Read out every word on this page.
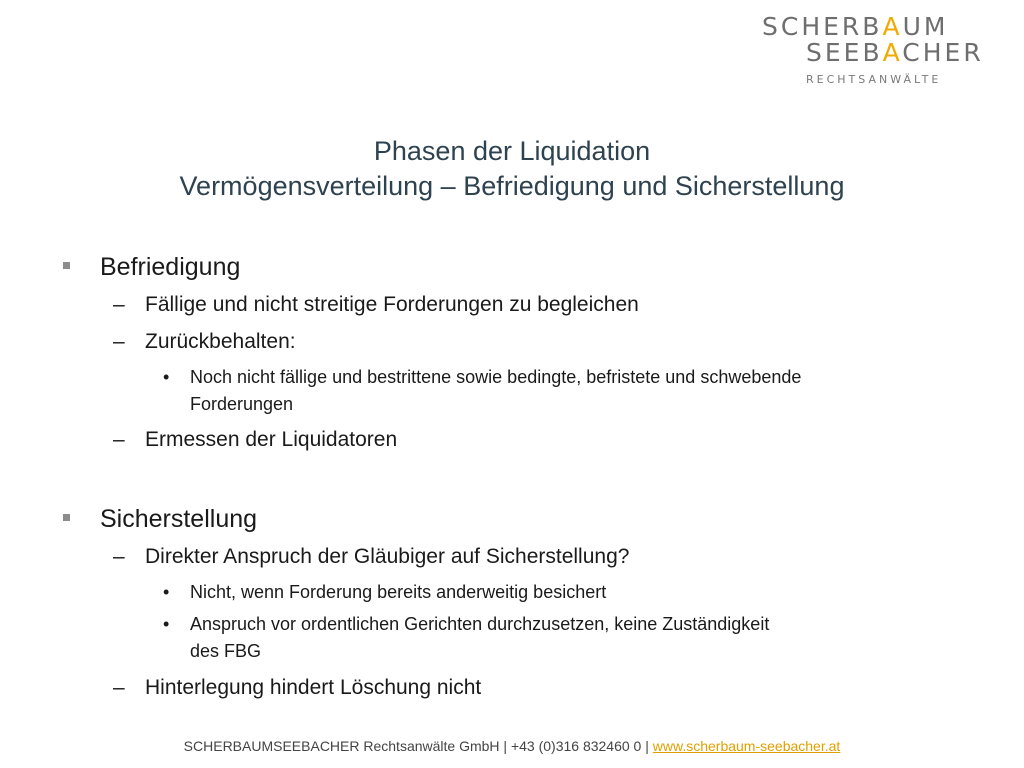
SCHERBAUM
SEEBACHER
RECHTSANWÄLTE
Phasen der Liquidation
Vermögensverteilung – Befriedigung und Sicherstellung
Befriedigung
– Fällige und nicht streitige Forderungen zu begleichen
– Zurückbehalten:
• Noch nicht fällige und bestrittene sowie bedingte, befristete und schwebende
Forderungen
– Ermessen der Liquidatoren
Sicherstellung
– Direkter Anspruch der Gläubiger auf Sicherstellung?
• Nicht, wenn Forderung bereits anderweitig besichert
• Anspruch vor ordentlichen Gerichten durchzusetzen, keine Zuständigkeit
des FBG
– Hinterlegung hindert Löschung nicht
SCHERBAUMSEEBACHER Rechtsanwälte GmbH | +43 (0)316 832460 0 | www.scherbaum-seebacher.at
